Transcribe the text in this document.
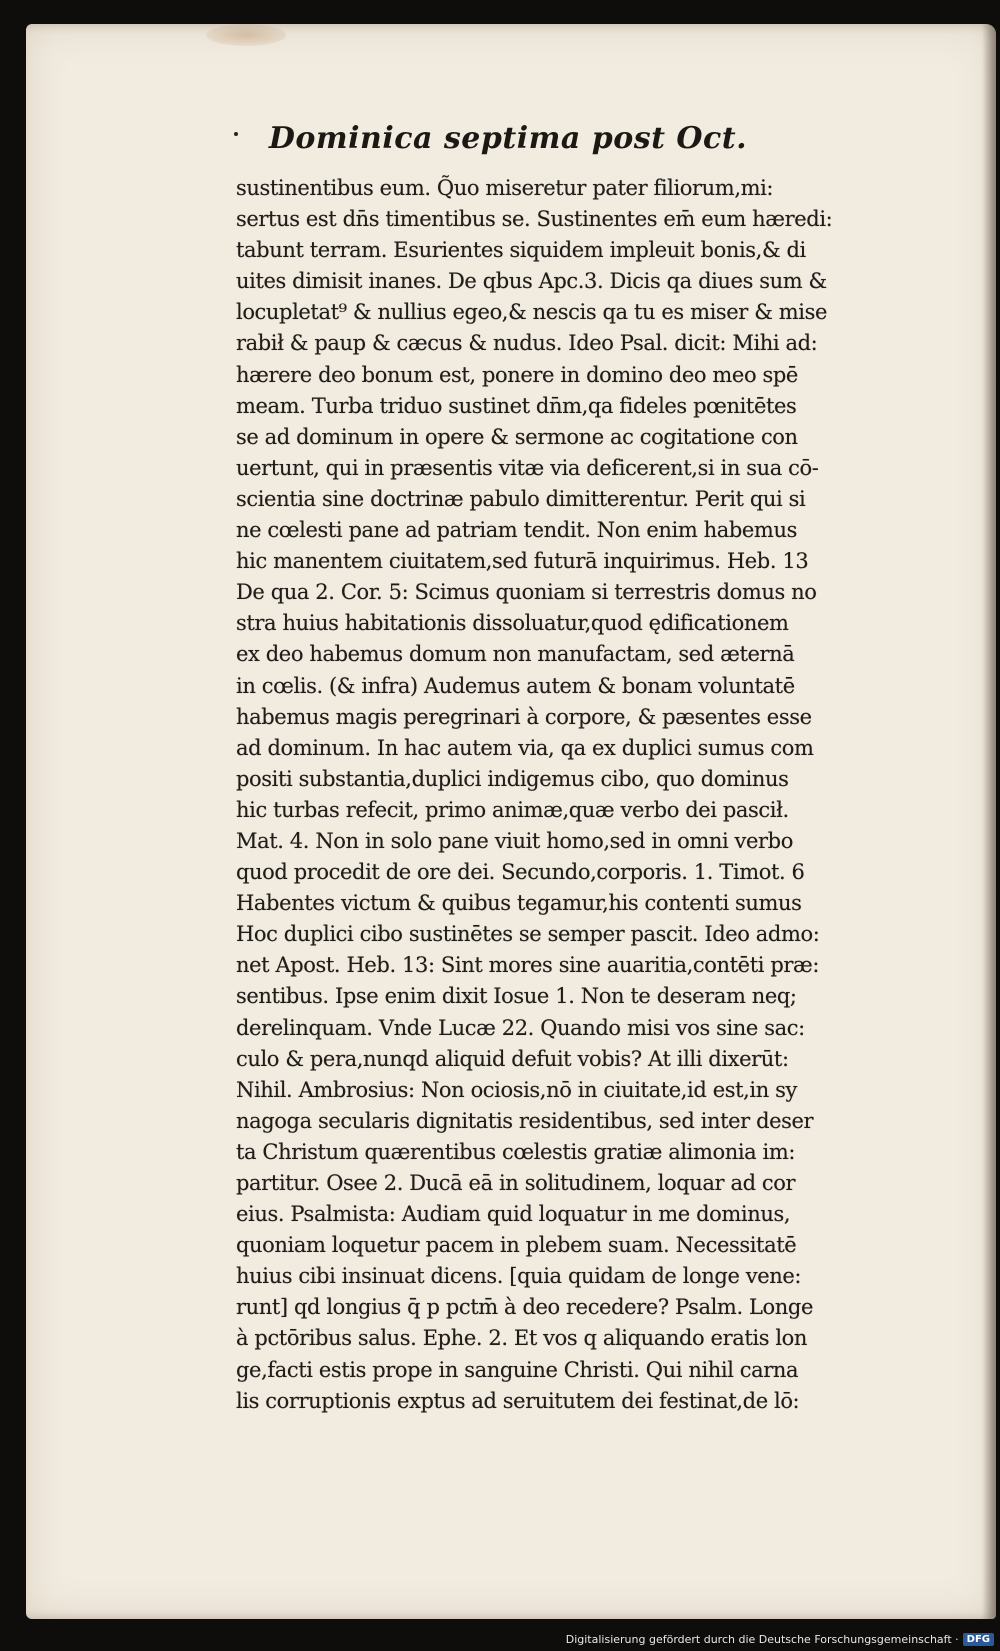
Dominica septima post Oct.
sustinentibus eum. Q̃uo miseretur pater filiorum,mi:
sertus est dn̄s timentibus se. Sustinentes em̄ eum hæredi:
tabunt terram. Esurientes siquidem impleuit bonis,& di
uites dimisit inanes. De qbus Apc.3. Dicis qa diues sum &
locupletat⁹ & nullius egeo,& nescis qa tu es miser & mise
rabił & paup & cæcus & nudus. Ideo Psal. dicit: Mihi ad:
hærere deo bonum est, ponere in domino deo meo spē
meam. Turba triduo sustinet dn̄m,qa fideles pœnitētes
se ad dominum in opere & sermone ac cogitatione con
uertunt, qui in præsentis vitæ via deficerent,si in sua cō-
scientia sine doctrinæ pabulo dimitterentur. Perit qui si
ne cœlesti pane ad patriam tendit. Non enim habemus
hic manentem ciuitatem,sed futurā inquirimus. Heb. 13
De qua 2. Cor. 5: Scimus quoniam si terrestris domus no
stra huius habitationis dissoluatur,quod ędificationem
ex deo habemus domum non manufactam, sed æternā
in cœlis. (& infra) Audemus autem & bonam voluntatē
habemus magis peregrinari à corpore, & pæsentes esse
ad dominum. In hac autem via, qa ex duplici sumus com
positi substantia,duplici indigemus cibo, quo dominus
hic turbas refecit, primo animæ,quæ verbo dei pascił.
Mat. 4. Non in solo pane viuit homo,sed in omni verbo
quod procedit de ore dei. Secundo,corporis. 1. Timot. 6
Habentes victum & quibus tegamur,his contenti sumus
Hoc duplici cibo sustinētes se semper pascit. Ideo admo:
net Apost. Heb. 13: Sint mores sine auaritia,contēti præ:
sentibus. Ipse enim dixit Iosue 1. Non te deseram neq;
derelinquam. Vnde Lucæ 22. Quando misi vos sine sac:
culo & pera,nunqd aliquid defuit vobis? At illi dixerūt:
Nihil. Ambrosius: Non ociosis,nō in ciuitate,id est,in sy
nagoga secularis dignitatis residentibus, sed inter deser
ta Christum quærentibus cœlestis gratiæ alimonia im:
partitur. Osee 2. Ducā eā in solitudinem, loquar ad cor
eius. Psalmista: Audiam quid loquatur in me dominus,
quoniam loquetur pacem in plebem suam. Necessitatē
huius cibi insinuat dicens. [quia quidam de longe vene:
runt] qd longius q̄ p pctm̄ à deo recedere? Psalm. Longe
à pctōribus salus. Ephe. 2. Et vos q aliquando eratis lon
ge,facti estis prope in sanguine Christi. Qui nihil carna
lis corruptionis exptus ad seruitutem dei festinat,de lō:
Digitalisierung gefördert durch die Deutsche Forschungsgemeinschaft · DFG
